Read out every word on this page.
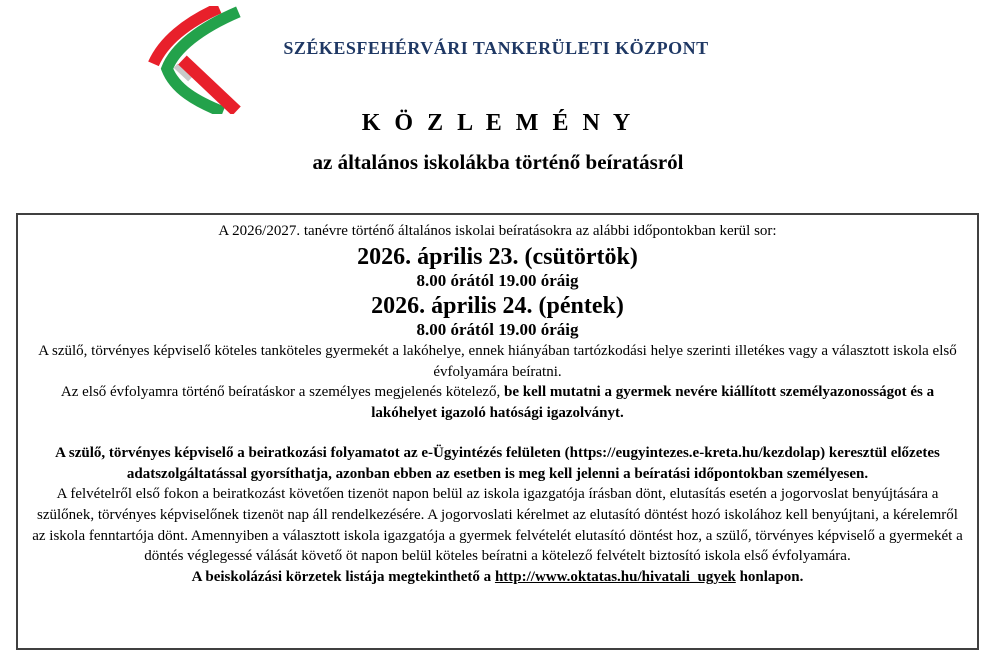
SZÉKESFEHÉRVÁRI TANKERÜLETI KÖZPONT
K Ö Z L E M É N Y
az általános iskolákba történő beíratásról

A 2026/2027. tanévre történő általános iskolai beíratásokra az alábbi időpontokban kerül sor:

2026. április 23. (csütörtök)
8.00 órától 19.00 óráig
2026. április 24. (péntek)
8.00 órától 19.00 óráig

A szülő, törvényes képviselő köteles tanköteles gyermekét a lakóhelye, ennek hiányában tartózkodási helye szerinti illetékes vagy a választott iskola első évfolyamára beíratni.

Az első évfolyamra történő beíratáskor a személyes megjelenés kötelező, be kell mutatni a gyermek nevére kiállított személyazonosságot és a lakóhelyet igazoló hatósági igazolványt.

A szülő, törvényes képviselő a beiratkozási folyamatot az e-Ügyintézés felületen (https://eugyintezes.e-kreta.hu/kezdolap) keresztül előzetes adatszolgáltatással gyorsíthatja, azonban ebben az esetben is meg kell jelenni a beíratási időpontokban személyesen.

A felvételről első fokon a beiratkozást követően tizenöt napon belül az iskola igazgatója írásban dönt, elutasítás esetén a jogorvoslat benyújtására a szülőnek, törvényes képviselőnek tizenöt nap áll rendelkezésére. A jogorvoslati kérelmet az elutasító döntést hozó iskolához kell benyújtani, a kérelemről az iskola fenntartója dönt. Amennyiben a választott iskola igazgatója a gyermek felvételét elutasító döntést hoz, a szülő, törvényes képviselő a gyermekét a döntés véglegessé válását követő öt napon belül köteles beíratni a kötelező felvételt biztosító iskola első évfolyamára.

A beiskolázási körzetek listája megtekinthető a http://www.oktatas.hu/hivatali_ugyek honlapon.
